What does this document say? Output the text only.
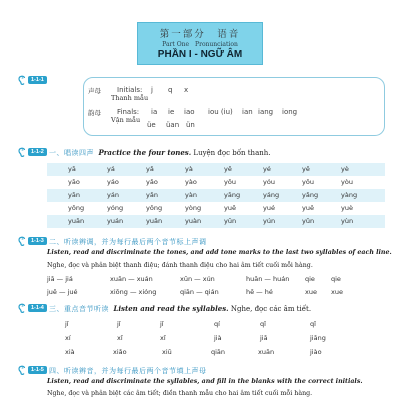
第一部分　语音
Part One　Pronunciation
PHẦN I - NGỮ ÂM
1-1-1
声母 Initials:
Thanh mẫu
j q x
韵母 Finals:
Vận mẫu
ia ie iao iou (iu) ian iang iong
üe üan ün
1-1-2 一、唱读四声 Practice the four tones. Luyện đọc bốn thanh.
yā	yá	yǎ	yà	yē	yé	yě	yè
yāo	yáo	yǎo	yào	yōu	yóu	yǒu	yòu
yān	yán	yǎn	yàn	yāng	yáng	yǎng	yàng
yōng	yóng	yǒng	yòng	yuē	yué	yuě	yuè
yuān	yuán	yuǎn	yuàn	yūn	yún	yǔn	yùn
1-1-3 二、听读辨调，并为每行最后两个音节标上声调
Listen, read and discriminate the tones, and add tone marks to the last two syllables of each line.
Nghe, đọc và phân biệt thanh điệu; đánh thanh điệu cho hai âm tiết cuối mỗi hàng.
jiā — jiá	xuān — xuán	xūn — xún	huān — huán qie qie
juē — jué	xiōng — xióng	qiān — qián	hē — hé	xue xue
1-1-4 三、重点音节听读 Listen and read the syllables. Nghe, đọc các âm tiết.
jǐ	jǐ	jǐ	qí	qǐ	qǐ
xí	xǐ	xǐ	jià	jiā	jiāng
xià	xiǎo	xiū	qiān	xuān	jiào
1-1-5 四、听读辨音，并为每行最后两个音节填上声母
Listen, read and discriminate the syllables, and fill in the blanks with the correct initials.
Nghe, đọc và phân biệt các âm tiết; điền thanh mẫu cho hai âm tiết cuối mỗi hàng.
